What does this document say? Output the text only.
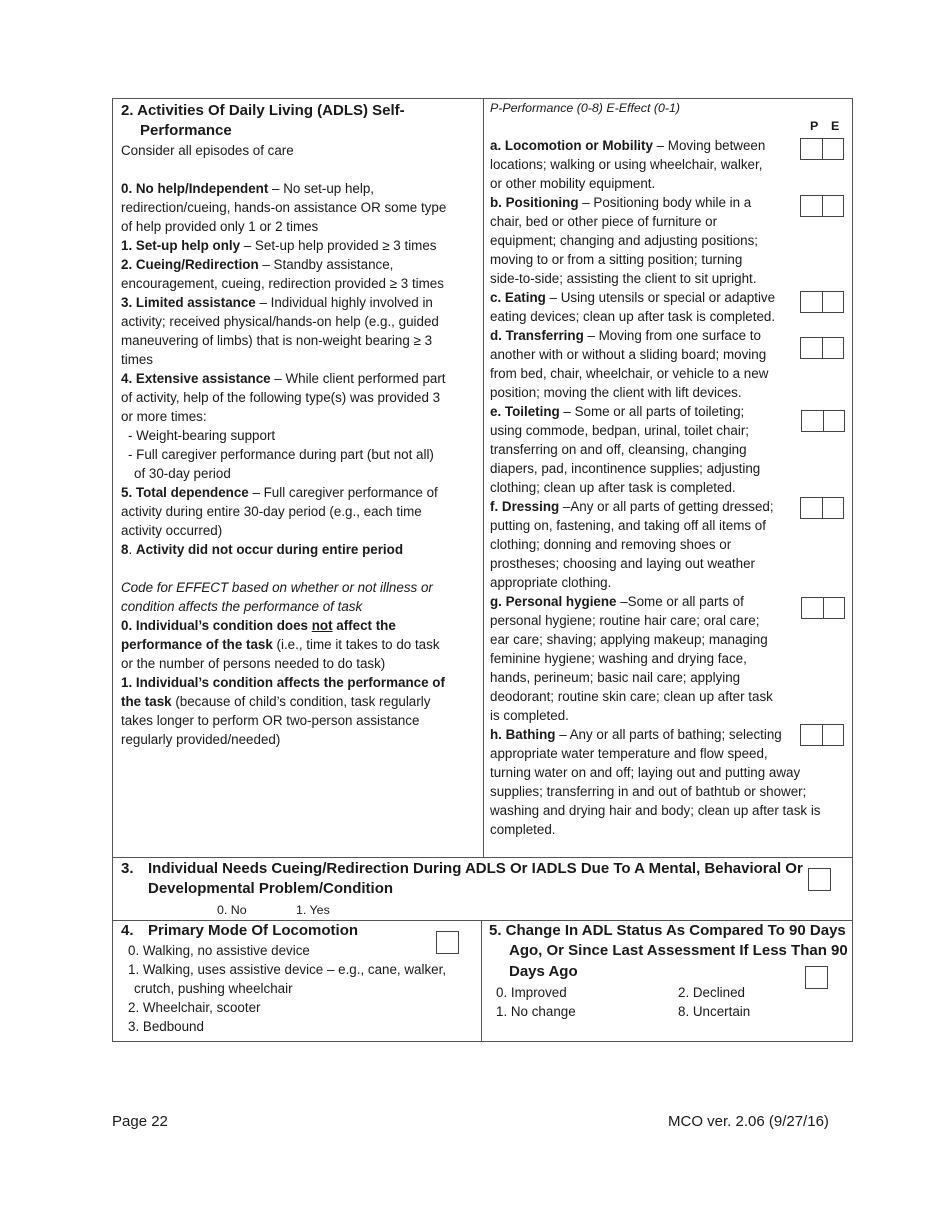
2. Activities Of Daily Living (ADLS) Self-
Performance
Consider all episodes of care
0. No help/Independent – No set-up help,
redirection/cueing, hands-on assistance OR some type
of help provided only 1 or 2 times
1. Set-up help only – Set-up help provided ≥ 3 times
2. Cueing/Redirection – Standby assistance,
encouragement, cueing, redirection provided ≥ 3 times
3. Limited assistance – Individual highly involved in
activity; received physical/hands-on help (e.g., guided
maneuvering of limbs) that is non-weight bearing ≥ 3
times
4. Extensive assistance – While client performed part
of activity, help of the following type(s) was provided 3
or more times:
- Weight-bearing support
- Full caregiver performance during part (but not all)
of 30-day period
5. Total dependence – Full caregiver performance of
activity during entire 30-day period (e.g., each time
activity occurred)
8. Activity did not occur during entire period
Code for EFFECT based on whether or not illness or
condition affects the performance of task
0. Individual’s condition does not affect the
performance of the task (i.e., time it takes to do task
or the number of persons needed to do task)
1. Individual’s condition affects the performance of
the task (because of child’s condition, task regularly
takes longer to perform OR two-person assistance
regularly provided/needed)
P-Performance (0-8) E-Effect (0-1)
P E
a. Locomotion or Mobility – Moving between
locations; walking or using wheelchair, walker,
or other mobility equipment.
b. Positioning – Positioning body while in a
chair, bed or other piece of furniture or
equipment; changing and adjusting positions;
moving to or from a sitting position; turning
side-to-side; assisting the client to sit upright.
c. Eating – Using utensils or special or adaptive
eating devices; clean up after task is completed.
d. Transferring – Moving from one surface to
another with or without a sliding board; moving
from bed, chair, wheelchair, or vehicle to a new
position; moving the client with lift devices.
e. Toileting – Some or all parts of toileting;
using commode, bedpan, urinal, toilet chair;
transferring on and off, cleansing, changing
diapers, pad, incontinence supplies; adjusting
clothing; clean up after task is completed.
f. Dressing –Any or all parts of getting dressed;
putting on, fastening, and taking off all items of
clothing; donning and removing shoes or
prostheses; choosing and laying out weather
appropriate clothing.
g. Personal hygiene –Some or all parts of
personal hygiene; routine hair care; oral care;
ear care; shaving; applying makeup; managing
feminine hygiene; washing and drying face,
hands, perineum; basic nail care; applying
deodorant; routine skin care; clean up after task
is completed.
h. Bathing – Any or all parts of bathing; selecting
appropriate water temperature and flow speed,
turning water on and off; laying out and putting away
supplies; transferring in and out of bathtub or shower;
washing and drying hair and body; clean up after task is
completed.
3. Individual Needs Cueing/Redirection During ADLS Or IADLS Due To A Mental, Behavioral Or
Developmental Problem/Condition
0. No	1. Yes
4. Primary Mode Of Locomotion
0. Walking, no assistive device
1. Walking, uses assistive device – e.g., cane, walker,
crutch, pushing wheelchair
2. Wheelchair, scooter
3. Bedbound
5. Change In ADL Status As Compared To 90 Days
Ago, Or Since Last Assessment If Less Than 90
Days Ago
0. Improved
1. No change
2. Declined
8. Uncertain
Page 22	MCO ver. 2.06 (9/27/16)
